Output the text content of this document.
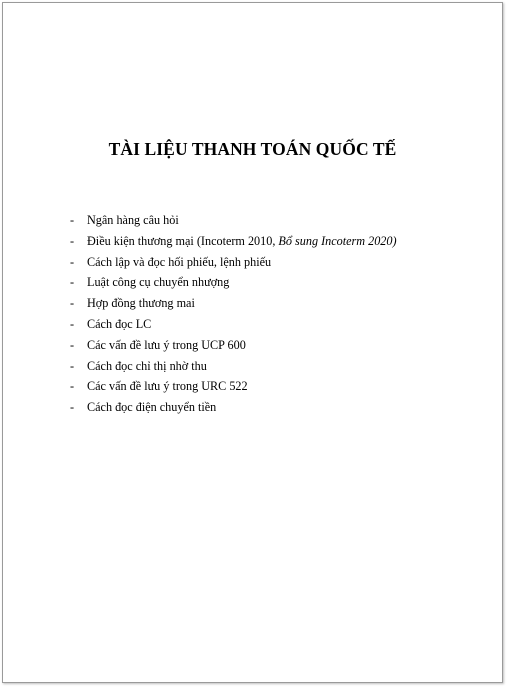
TÀI LIỆU THANH TOÁN QUỐC TẾ
-	Ngân hàng câu hỏi
-	Điều kiện thương mại (Incoterm 2010, Bổ sung Incoterm 2020)
-	Cách lập và đọc hối phiếu, lệnh phiếu
-	Luật công cụ chuyển nhượng
-	Hợp đồng thương mai
-	Cách đọc LC
-	Các vấn đề lưu ý trong UCP 600
-	Cách đọc chỉ thị nhờ thu
-	Các vấn đề lưu ý trong URC 522
-	Cách đọc điện chuyển tiền
